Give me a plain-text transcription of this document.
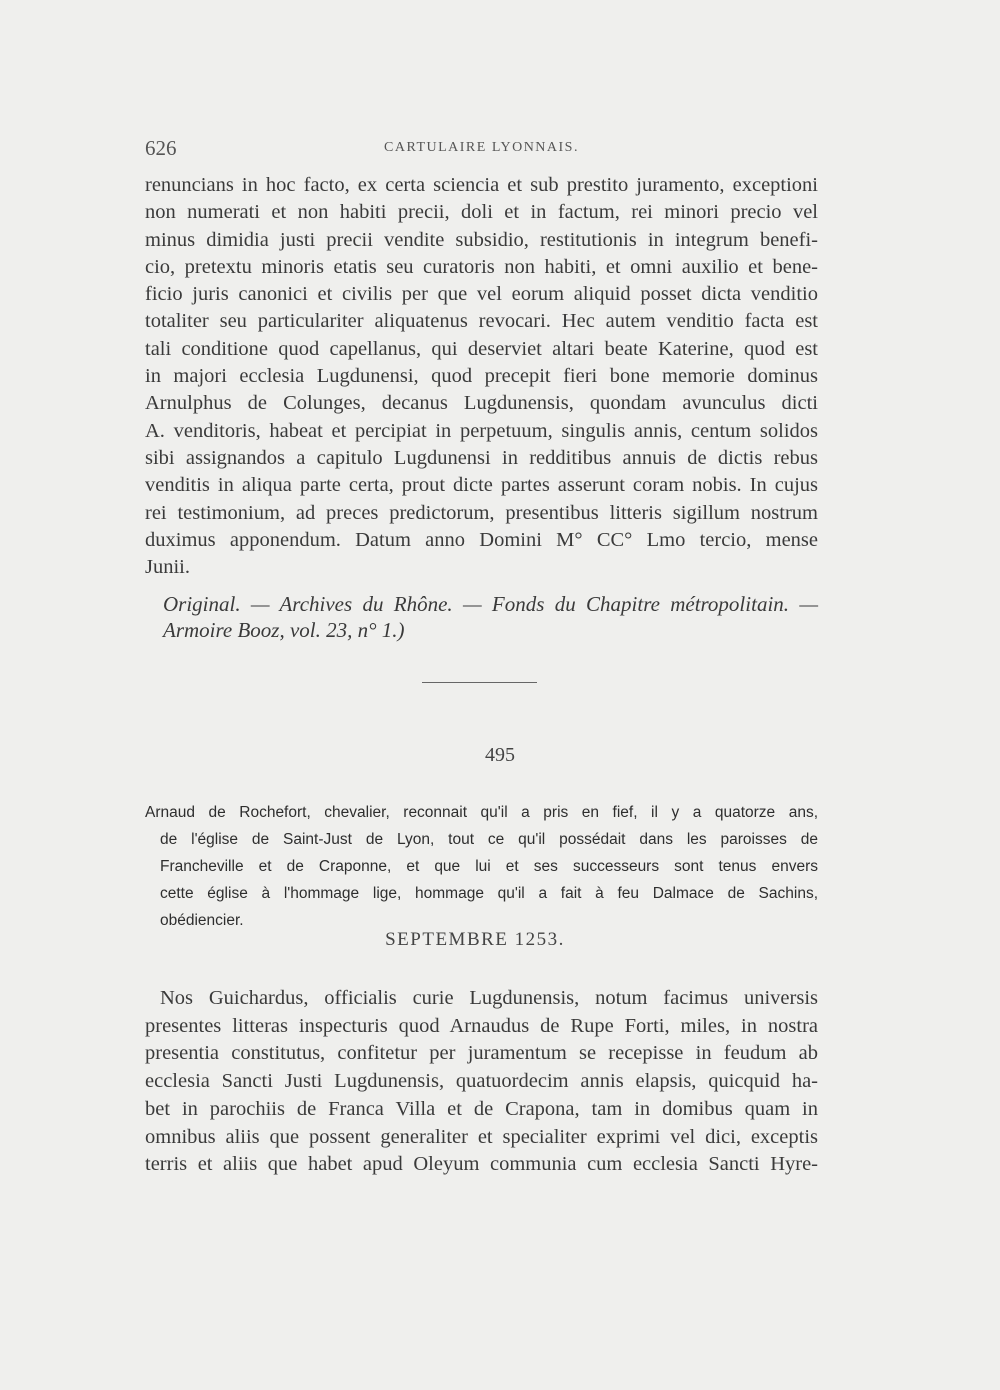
626	CARTULAIRE LYONNAIS.
renuncians in hoc facto, ex certa sciencia et sub prestito juramento, exceptioni
non numerati et non habiti precii, doli et in factum, rei minori precio vel
minus dimidia justi precii vendite subsidio, restitutionis in integrum benefi-
cio, pretextu minoris etatis seu curatoris non habiti, et omni auxilio et bene-
ficio juris canonici et civilis per que vel eorum aliquid posset dicta venditio
totaliter seu particulariter aliquatenus revocari. Hec autem venditio facta est
tali conditione quod capellanus, qui deserviet altari beate Katerine, quod est
in majori ecclesia Lugdunensi, quod precepit fieri bone memorie dominus
Arnulphus de Colunges, decanus Lugdunensis, quondam avunculus dicti
A. venditoris, habeat et percipiat in perpetuum, singulis annis, centum solidos
sibi assignandos a capitulo Lugdunensi in redditibus annuis de dictis rebus
venditis in aliqua parte certa, prout dicte partes asserunt coram nobis. In cujus
rei testimonium, ad preces predictorum, presentibus litteris sigillum nostrum
duximus apponendum. Datum anno Domini M° CC° Lmo tercio, mense
Junii.
Original. — Archives du Rhône. — Fonds du Chapitre métropolitain. —
Armoire Booz, vol. 23, n° 1.)
495
Arnaud de Rochefort, chevalier, reconnait qu'il a pris en fief, il y a quatorze ans,
de l'église de Saint-Just de Lyon, tout ce qu'il possédait dans les paroisses de
Francheville et de Craponne, et que lui et ses successeurs sont tenus envers
cette église à l'hommage lige, hommage qu'il a fait à feu Dalmace de Sachins,
obédiencier.
SEPTEMBRE 1253.
Nos Guichardus, officialis curie Lugdunensis, notum facimus universis
presentes litteras inspecturis quod Arnaudus de Rupe Forti, miles, in nostra
presentia constitutus, confitetur per juramentum se recepisse in feudum ab
ecclesia Sancti Justi Lugdunensis, quatuordecim annis elapsis, quicquid ha-
bet in parochiis de Franca Villa et de Crapona, tam in domibus quam in
omnibus aliis que possent generaliter et specialiter exprimi vel dici, exceptis
terris et aliis que habet apud Oleyum communia cum ecclesia Sancti Hyre-
